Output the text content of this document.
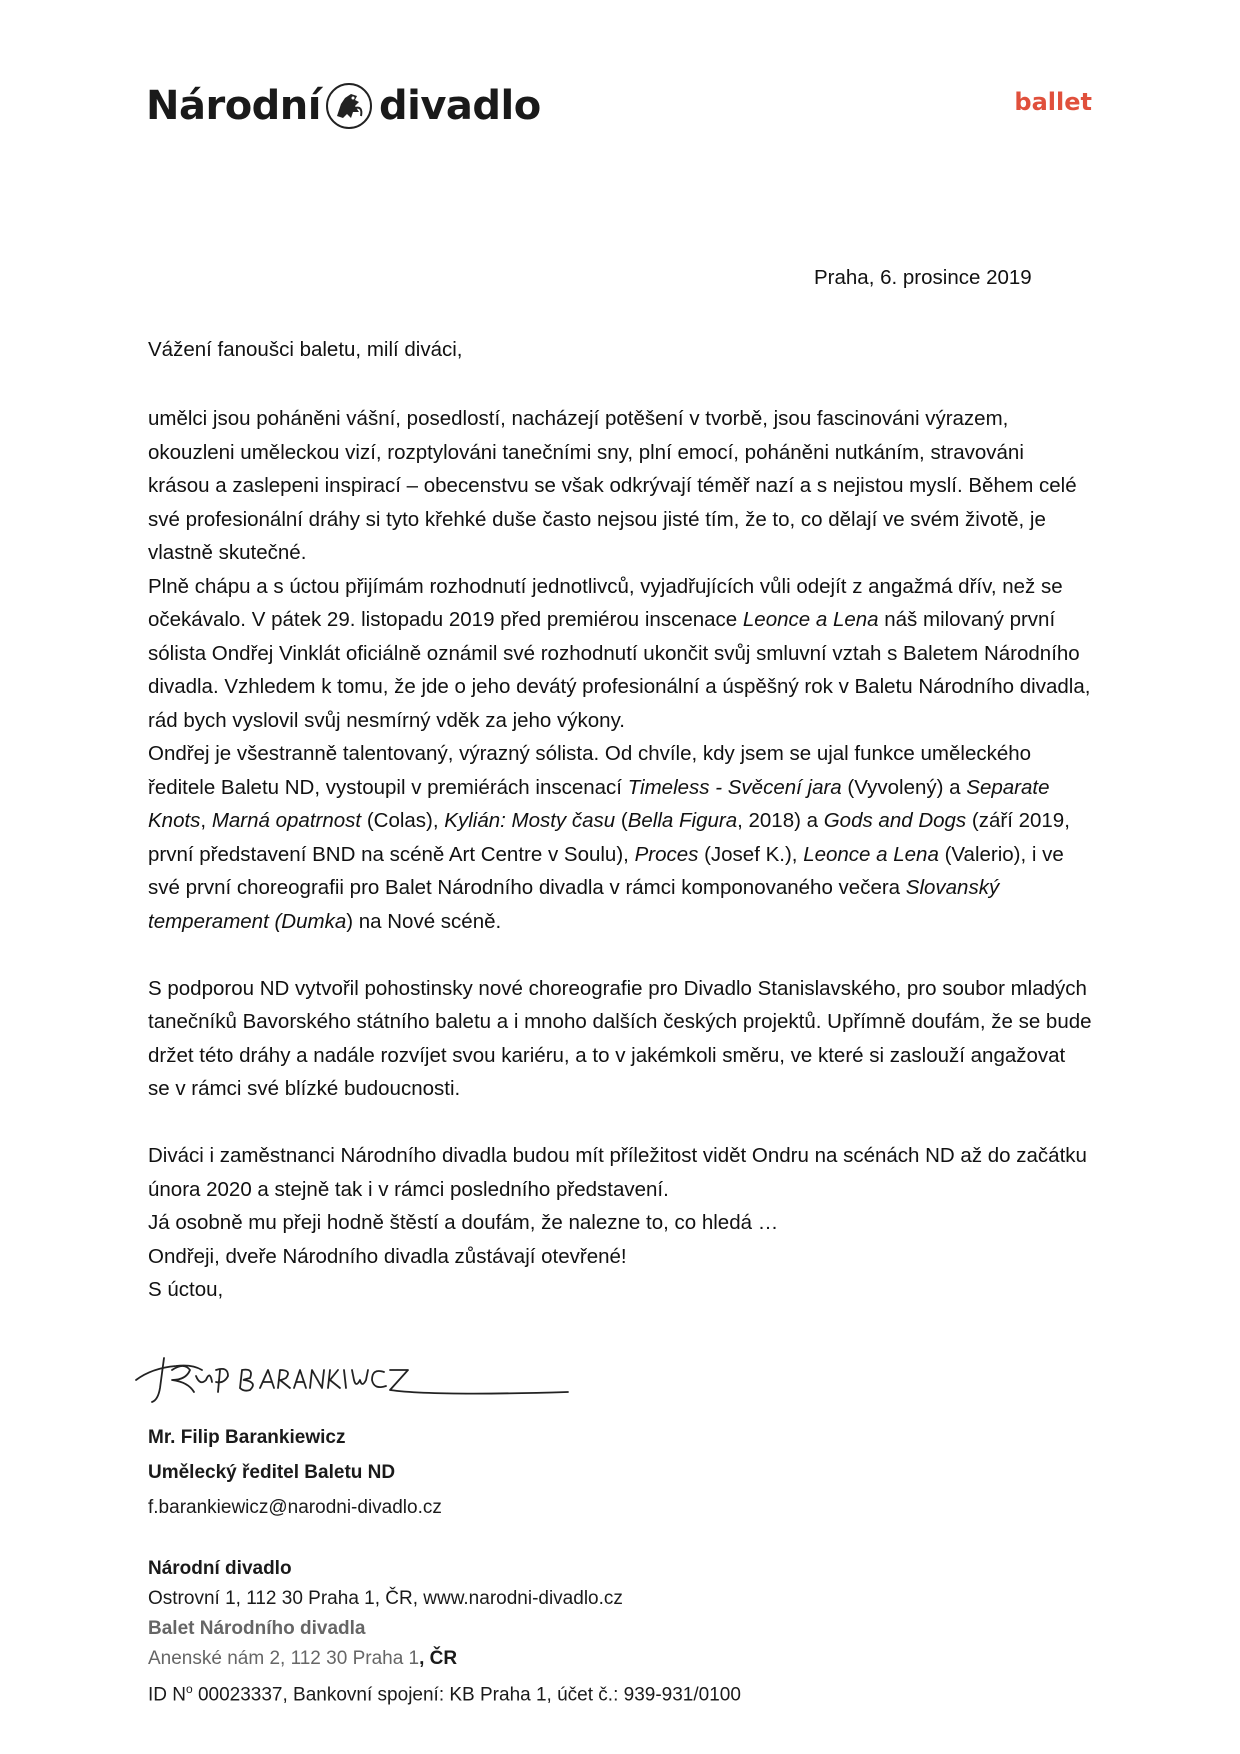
Národní divadlo	ballet
Praha, 6. prosince 2019
Vážení fanoušci baletu, milí diváci,

umělci jsou poháněni vášní, posedlostí, nacházejí potěšení v tvorbě, jsou fascinováni výrazem,

okouzleni uměleckou vizí, rozptylováni tanečními sny, plní emocí, poháněni nutkáním, stravováni

krásou a zaslepeni inspirací – obecenstvu se však odkrývají téměř nazí a s nejistou myslí. Během celé

své profesionální dráhy si tyto křehké duše často nejsou jisté tím, že to, co dělají ve svém životě, je

vlastně skutečné.

Plně chápu a s úctou přijímám rozhodnutí jednotlivců, vyjadřujících vůli odejít z angažmá dřív, než se

očekávalo. V pátek 29. listopadu 2019 před premiérou inscenace Leonce a Lena náš milovaný první

sólista Ondřej Vinklát oficiálně oznámil své rozhodnutí ukončit svůj smluvní vztah s Baletem Národního

divadla. Vzhledem k tomu, že jde o jeho devátý profesionální a úspěšný rok v Baletu Národního divadla,

rád bych vyslovil svůj nesmírný vděk za jeho výkony.

Ondřej je všestranně talentovaný, výrazný sólista. Od chvíle, kdy jsem se ujal funkce uměleckého

ředitele Baletu ND, vystoupil v premiérách inscenací Timeless - Svěcení jara (Vyvolený) a Separate

Knots, Marná opatrnost (Colas), Kylián: Mosty času (Bella Figura, 2018) a Gods and Dogs (září 2019,

první představení BND na scéně Art Centre v Soulu), Proces (Josef K.), Leonce a Lena (Valerio), i ve

své první choreografii pro Balet Národního divadla v rámci komponovaného večera Slovanský

temperament (Dumka) na Nové scéně.

S podporou ND vytvořil pohostinsky nové choreografie pro Divadlo Stanislavského, pro soubor mladých

tanečníků Bavorského státního baletu a i mnoho dalších českých projektů. Upřímně doufám, že se bude

držet této dráhy a nadále rozvíjet svou kariéru, a to v jakémkoli směru, ve které si zaslouží angažovat

se v rámci své blízké budoucnosti.

Diváci i zaměstnanci Národního divadla budou mít příležitost vidět Ondru na scénách ND až do začátku

února 2020 a stejně tak i v rámci posledního představení.

Já osobně mu přeji hodně štěstí a doufám, že nalezne to, co hledá …

Ondřeji, dveře Národního divadla zůstávají otevřené!

S úctou,

Mr. Filip Barankiewicz
Umělecký ředitel Baletu ND
f.barankiewicz@narodni-divadlo.cz
Národní divadlo
Ostrovní 1, 112 30 Praha 1, ČR, www.narodni-divadlo.cz
Balet Národního divadla
Anenské nám 2, 112 30 Praha 1, ČR
ID $N^o$ 00023337, Bankovní spojení: KB Praha 1, účet č.: 939-931/0100
